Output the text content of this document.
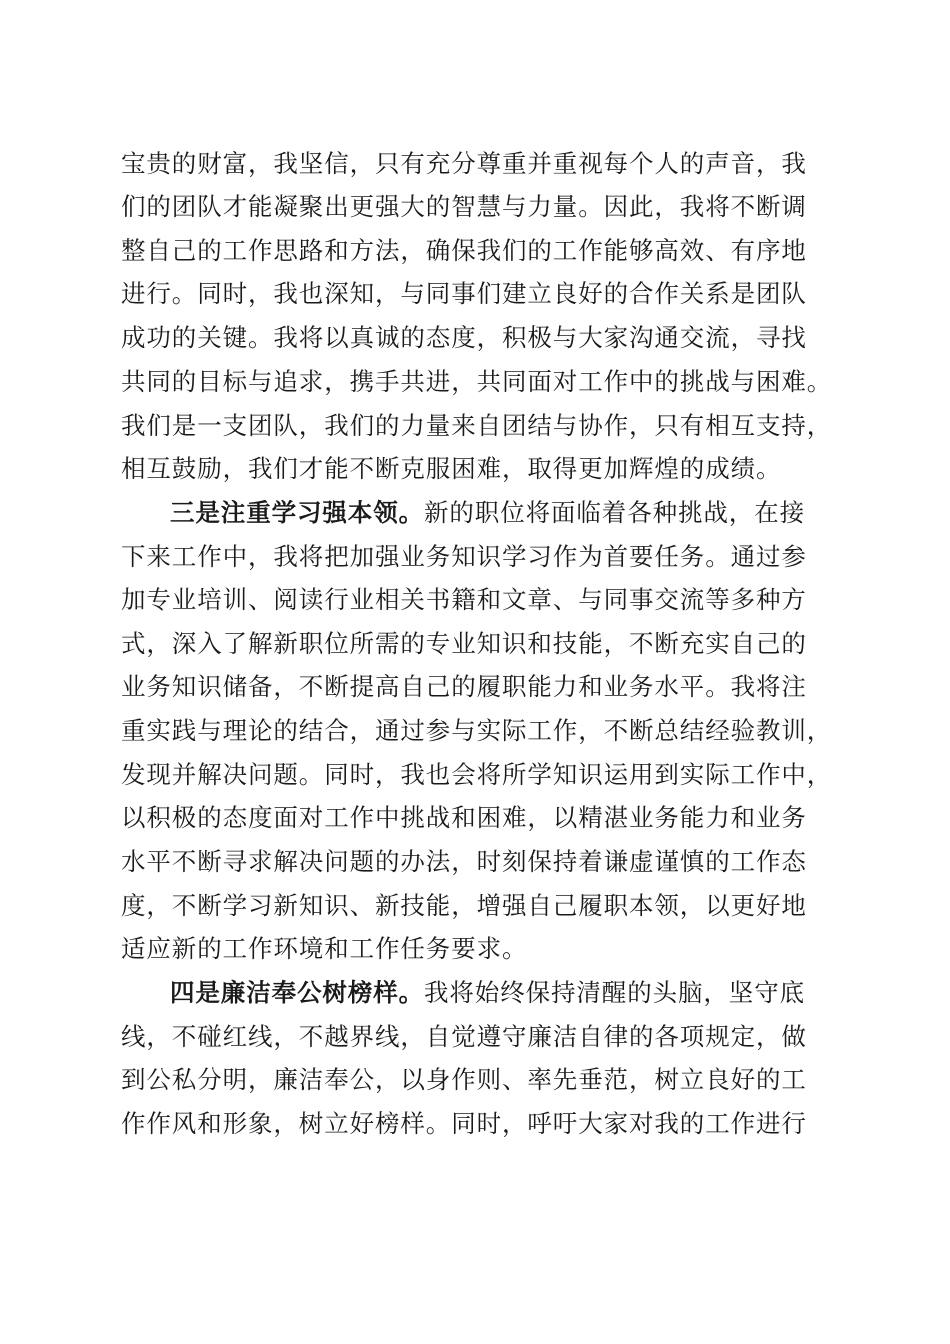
宝贵的财富，我坚信，只有充分尊重并重视每个人的声音，我
们的团队才能凝聚出更强大的智慧与力量。因此，我将不断调
整自己的工作思路和方法，确保我们的工作能够高效、有序地
进行。同时，我也深知，与同事们建立良好的合作关系是团队
成功的关键。我将以真诚的态度，积极与大家沟通交流，寻找
共同的目标与追求，携手共进，共同面对工作中的挑战与困难。
我们是一支团队，我们的力量来自团结与协作，只有相互支持，
相互鼓励，我们才能不断克服困难，取得更加辉煌的成绩。
三是注重学习强本领。新的职位将面临着各种挑战，在接
下来工作中，我将把加强业务知识学习作为首要任务。通过参
加专业培训、阅读行业相关书籍和文章、与同事交流等多种方
式，深入了解新职位所需的专业知识和技能，不断充实自己的
业务知识储备，不断提高自己的履职能力和业务水平。我将注
重实践与理论的结合，通过参与实际工作，不断总结经验教训，
发现并解决问题。同时，我也会将所学知识运用到实际工作中，
以积极的态度面对工作中挑战和困难，以精湛业务能力和业务
水平不断寻求解决问题的办法，时刻保持着谦虚谨慎的工作态
度，不断学习新知识、新技能，增强自己履职本领，以更好地
适应新的工作环境和工作任务要求。
四是廉洁奉公树榜样。我将始终保持清醒的头脑，坚守底
线，不碰红线，不越界线，自觉遵守廉洁自律的各项规定，做
到公私分明，廉洁奉公，以身作则、率先垂范，树立良好的工
作作风和形象，树立好榜样。同时，呼吁大家对我的工作进行
